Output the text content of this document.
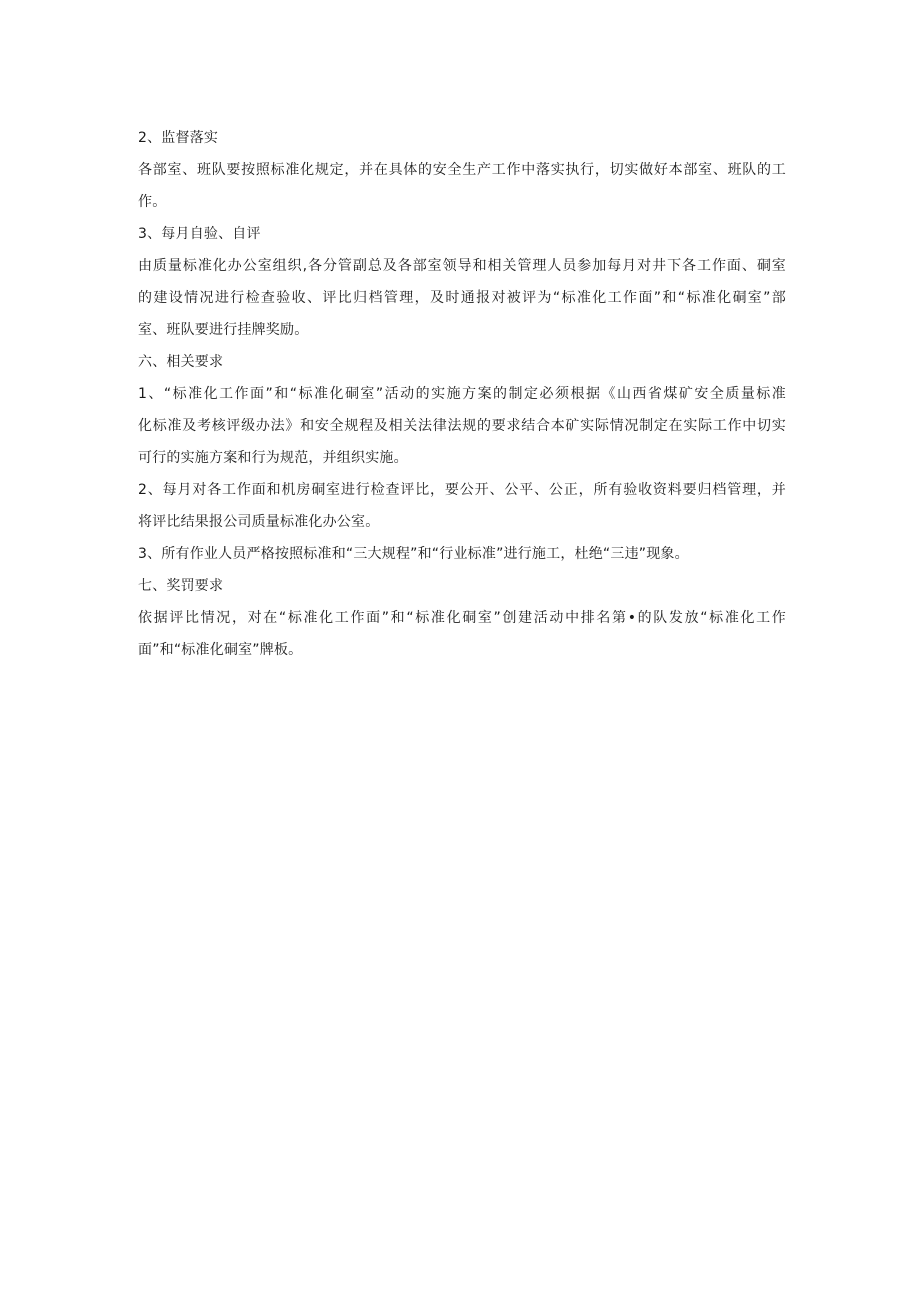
2、监督落实
各部室、班队要按照标准化规定，并在具体的安全生产工作中落实执行，切实做好本部室、班队的工
作。
3、每月自验、自评
由质量标准化办公室组织,各分管副总及各部室领导和相关管理人员参加每月对井下各工作面、硐室
的建设情况进行检查验收、评比归档管理，及时通报对被评为“标准化工作面”和“标准化硐室”部
室、班队要进行挂牌奖励。
六、相关要求
1、“标准化工作面”和“标准化硐室”活动的实施方案的制定必须根据《山西省煤矿安全质量标准
化标准及考核评级办法》和安全规程及相关法律法规的要求结合本矿实际情况制定在实际工作中切实
可行的实施方案和行为规范，并组织实施。
2、每月对各工作面和机房硐室进行检查评比，要公开、公平、公正，所有验收资料要归档管理，并
将评比结果报公司质量标准化办公室。
3、所有作业人员严格按照标准和“三大规程”和“行业标准”进行施工，杜绝“三违”现象。
七、奖罚要求
依据评比情况，对在“标准化工作面”和“标准化硐室”创建活动中排名第•的队发放“标准化工作
面”和“标准化硐室”牌板。
